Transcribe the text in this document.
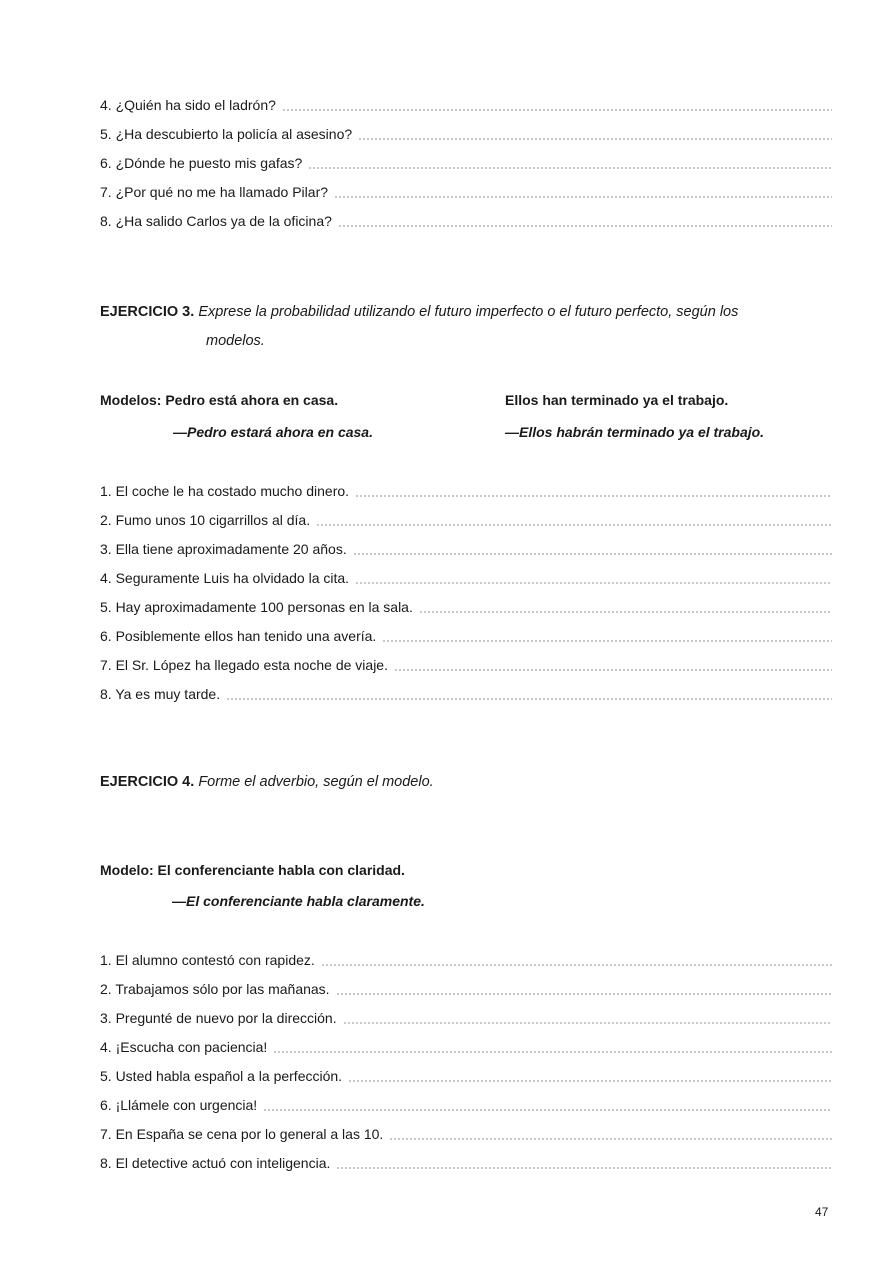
4. ¿Quién ha sido el ladrón?
5. ¿Ha descubierto la policía al asesino?
6. ¿Dónde he puesto mis gafas?
7. ¿Por qué no me ha llamado Pilar?
8. ¿Ha salido Carlos ya de la oficina?
EJERCICIO 3. Exprese la probabilidad utilizando el futuro imperfecto o el futuro perfecto, según los
modelos.
Modelos: Pedro está ahora en casa.
—Pedro estará ahora en casa.
Ellos han terminado ya el trabajo.
—Ellos habrán terminado ya el trabajo.
1. El coche le ha costado mucho dinero.
2. Fumo unos 10 cigarrillos al día.
3. Ella tiene aproximadamente 20 años.
4. Seguramente Luis ha olvidado la cita.
5. Hay aproximadamente 100 personas en la sala.
6. Posiblemente ellos han tenido una avería.
7. El Sr. López ha llegado esta noche de viaje.
8. Ya es muy tarde.
EJERCICIO 4. Forme el adverbio, según el modelo.
Modelo: El conferenciante habla con claridad.
—El conferenciante habla claramente.
1. El alumno contestó con rapidez.
2. Trabajamos sólo por las mañanas.
3. Pregunté de nuevo por la dirección.
4. ¡Escucha con paciencia!
5. Usted habla español a la perfección.
6. ¡Llámele con urgencia!
7. En España se cena por lo general a las 10.
8. El detective actuó con inteligencia.
47
